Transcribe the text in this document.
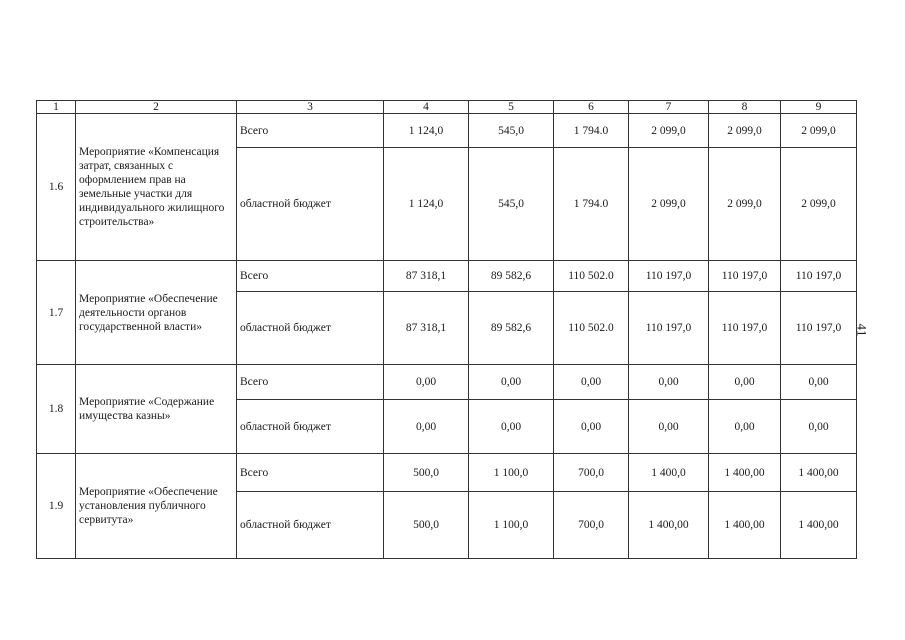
1	2	3	4	5	6	7	8	9
1.6	Мероприятие «Компенсация затрат, связанных с оформлением прав на земельные участки для индивидуального жилищного строительства»	Всего	1 124,0	545,0	1 794.0	2 099,0	2 099,0	2 099,0
		областной бюджет	1 124,0	545,0	1 794.0	2 099,0	2 099,0	2 099,0
1.7	Мероприятие «Обеспечение деятельности органов государственной власти»	Всего	87 318,1	89 582,6	110 502.0	110 197,0	110 197,0	110 197,0
		областной бюджет	87 318,1	89 582,6	110 502.0	110 197,0	110 197,0	110 197,0
1.8	Мероприятие «Содержание имущества казны»	Всего	0,00	0,00	0,00	0,00	0,00	0,00
		областной бюджет	0,00	0,00	0,00	0,00	0,00	0,00
1.9	Мероприятие «Обеспечение установления публичного сервитута»	Всего	500,0	1 100,0	700,0	1 400,0	1 400,00	1 400,00
		областной бюджет	500,0	1 100,0	700,0	1 400,00	1 400,00	1 400,00
41
